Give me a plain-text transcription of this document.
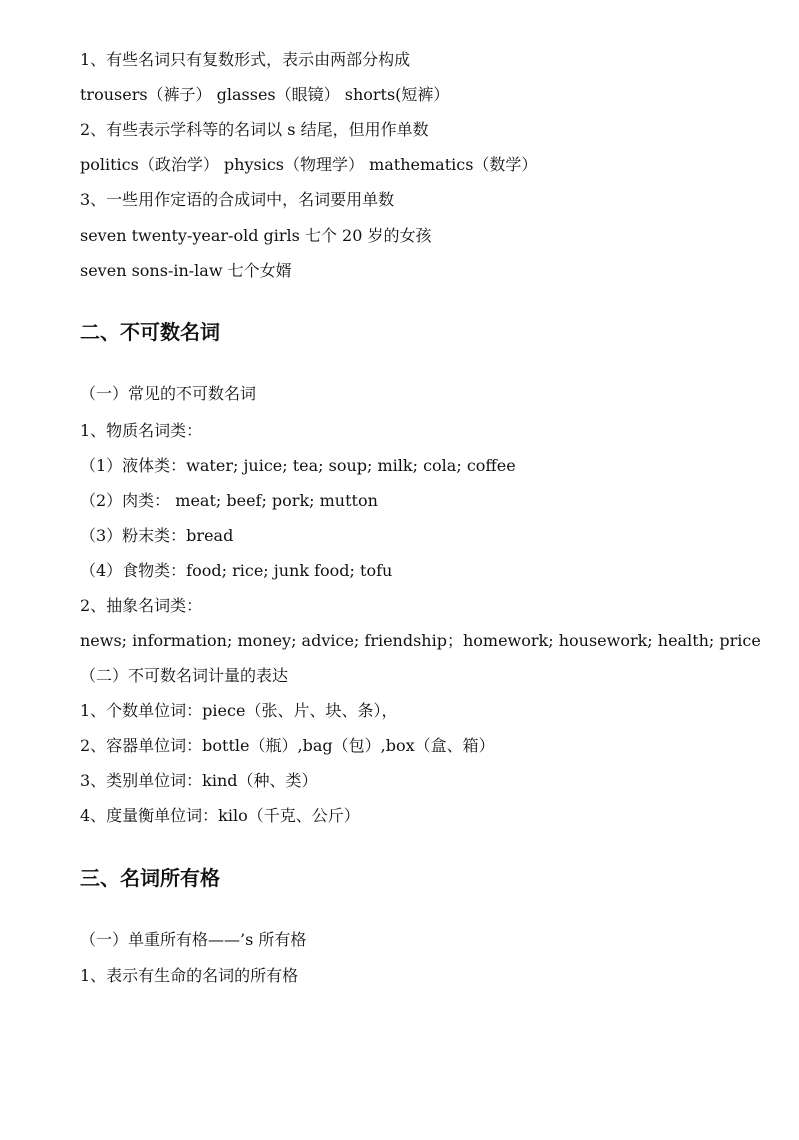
1、有些名词只有复数形式，表示由两部分构成
trousers（裤子） glasses（眼镜） shorts(短裤）
2、有些表示学科等的名词以 s 结尾，但用作单数
politics（政治学） physics（物理学） mathematics（数学）
3、一些用作定语的合成词中，名词要用单数
seven twenty-year-old girls 七个 20 岁的女孩
seven sons-in-law 七个女婿
二、不可数名词
（一）常见的不可数名词
1、物质名词类：
（1）液体类：water; juice; tea; soup; milk; cola; coffee
（2）肉类： meat; beef; pork; mutton
（3）粉末类：bread
（4）食物类：food; rice; junk food; tofu
2、抽象名词类：
news; information; money; advice; friendship；homework; housework; health; price
（二）不可数名词计量的表达
1、个数单位词：piece（张、片、块、条），
2、容器单位词：bottle（瓶）,bag（包）,box（盒、箱）
3、类别单位词：kind（种、类）
4、度量衡单位词：kilo（千克、公斤）
三、名词所有格
（一）单重所有格——’s 所有格
1、表示有生命的名词的所有格
